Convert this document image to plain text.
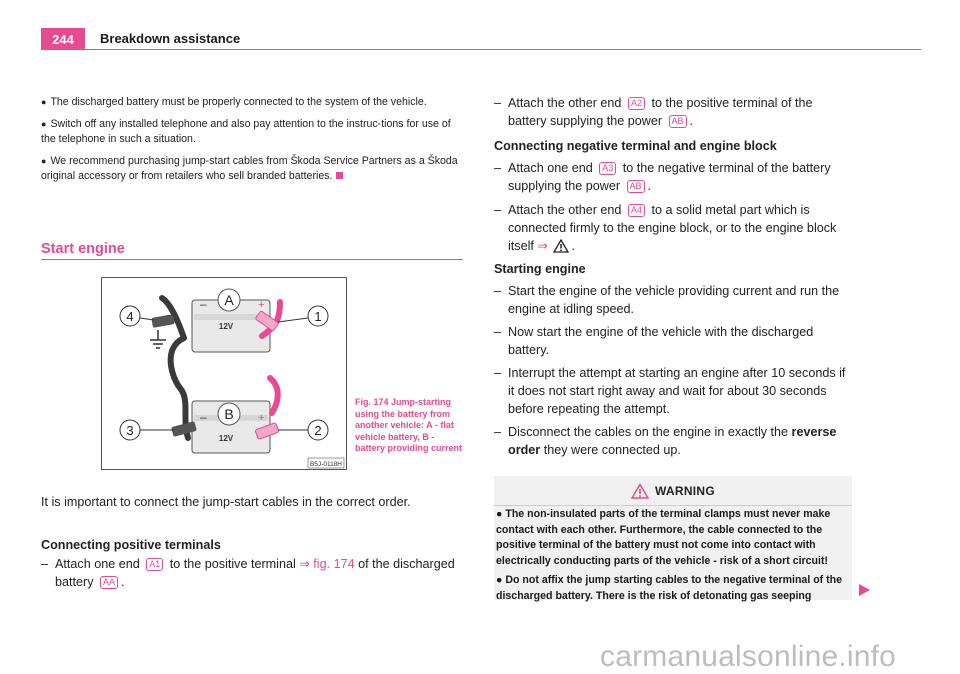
244	Breakdown assistance

● The discharged battery must be properly connected to the system of the vehicle.

● Switch off any installed telephone and also pay attention to the instruc-tions for use of the telephone in such a situation.

● We recommend purchasing jump-start cables from Škoda Service Partners as a Škoda original accessory or from retailers who sell branded batteries.

Start engine
A
–	+
12V
B
–	+
12V
4	1
3	2
B5J-0118H
Fig. 174 Jump-starting using the battery from another vehicle: A - flat vehicle battery, B - battery providing current
It is important to connect the jump-start cables in the correct order.
Connecting positive terminals
– Attach one end A1 to the positive terminal ⇒ fig. 174 of the discharged battery AA .
– Attach the other end A2 to the positive terminal of the battery supplying the power AB .
Connecting negative terminal and engine block
– Attach one end A3 to the negative terminal of the battery supplying the power AB .
– Attach the other end A4 to a solid metal part which is connected firmly to the engine block, or to the engine block itself ⇒ .
Starting engine
– Start the engine of the vehicle providing current and run the engine at idling speed.
– Now start the engine of the vehicle with the discharged battery.
– Interrupt the attempt at starting an engine after 10 seconds if it does not start right away and wait for about 30 seconds before repeating the attempt.
– Disconnect the cables on the engine in exactly the reverse order they were connected up.
WARNING

● The non-insulated parts of the terminal clamps must never make contact with each other. Furthermore, the cable connected to the positive terminal of the battery must not come into contact with electrically conducting parts of the vehicle - risk of a short circuit!

● Do not affix the jump starting cables to the negative terminal of the discharged battery. There is the risk of detonating gas seeping

carmanualsonline.info
